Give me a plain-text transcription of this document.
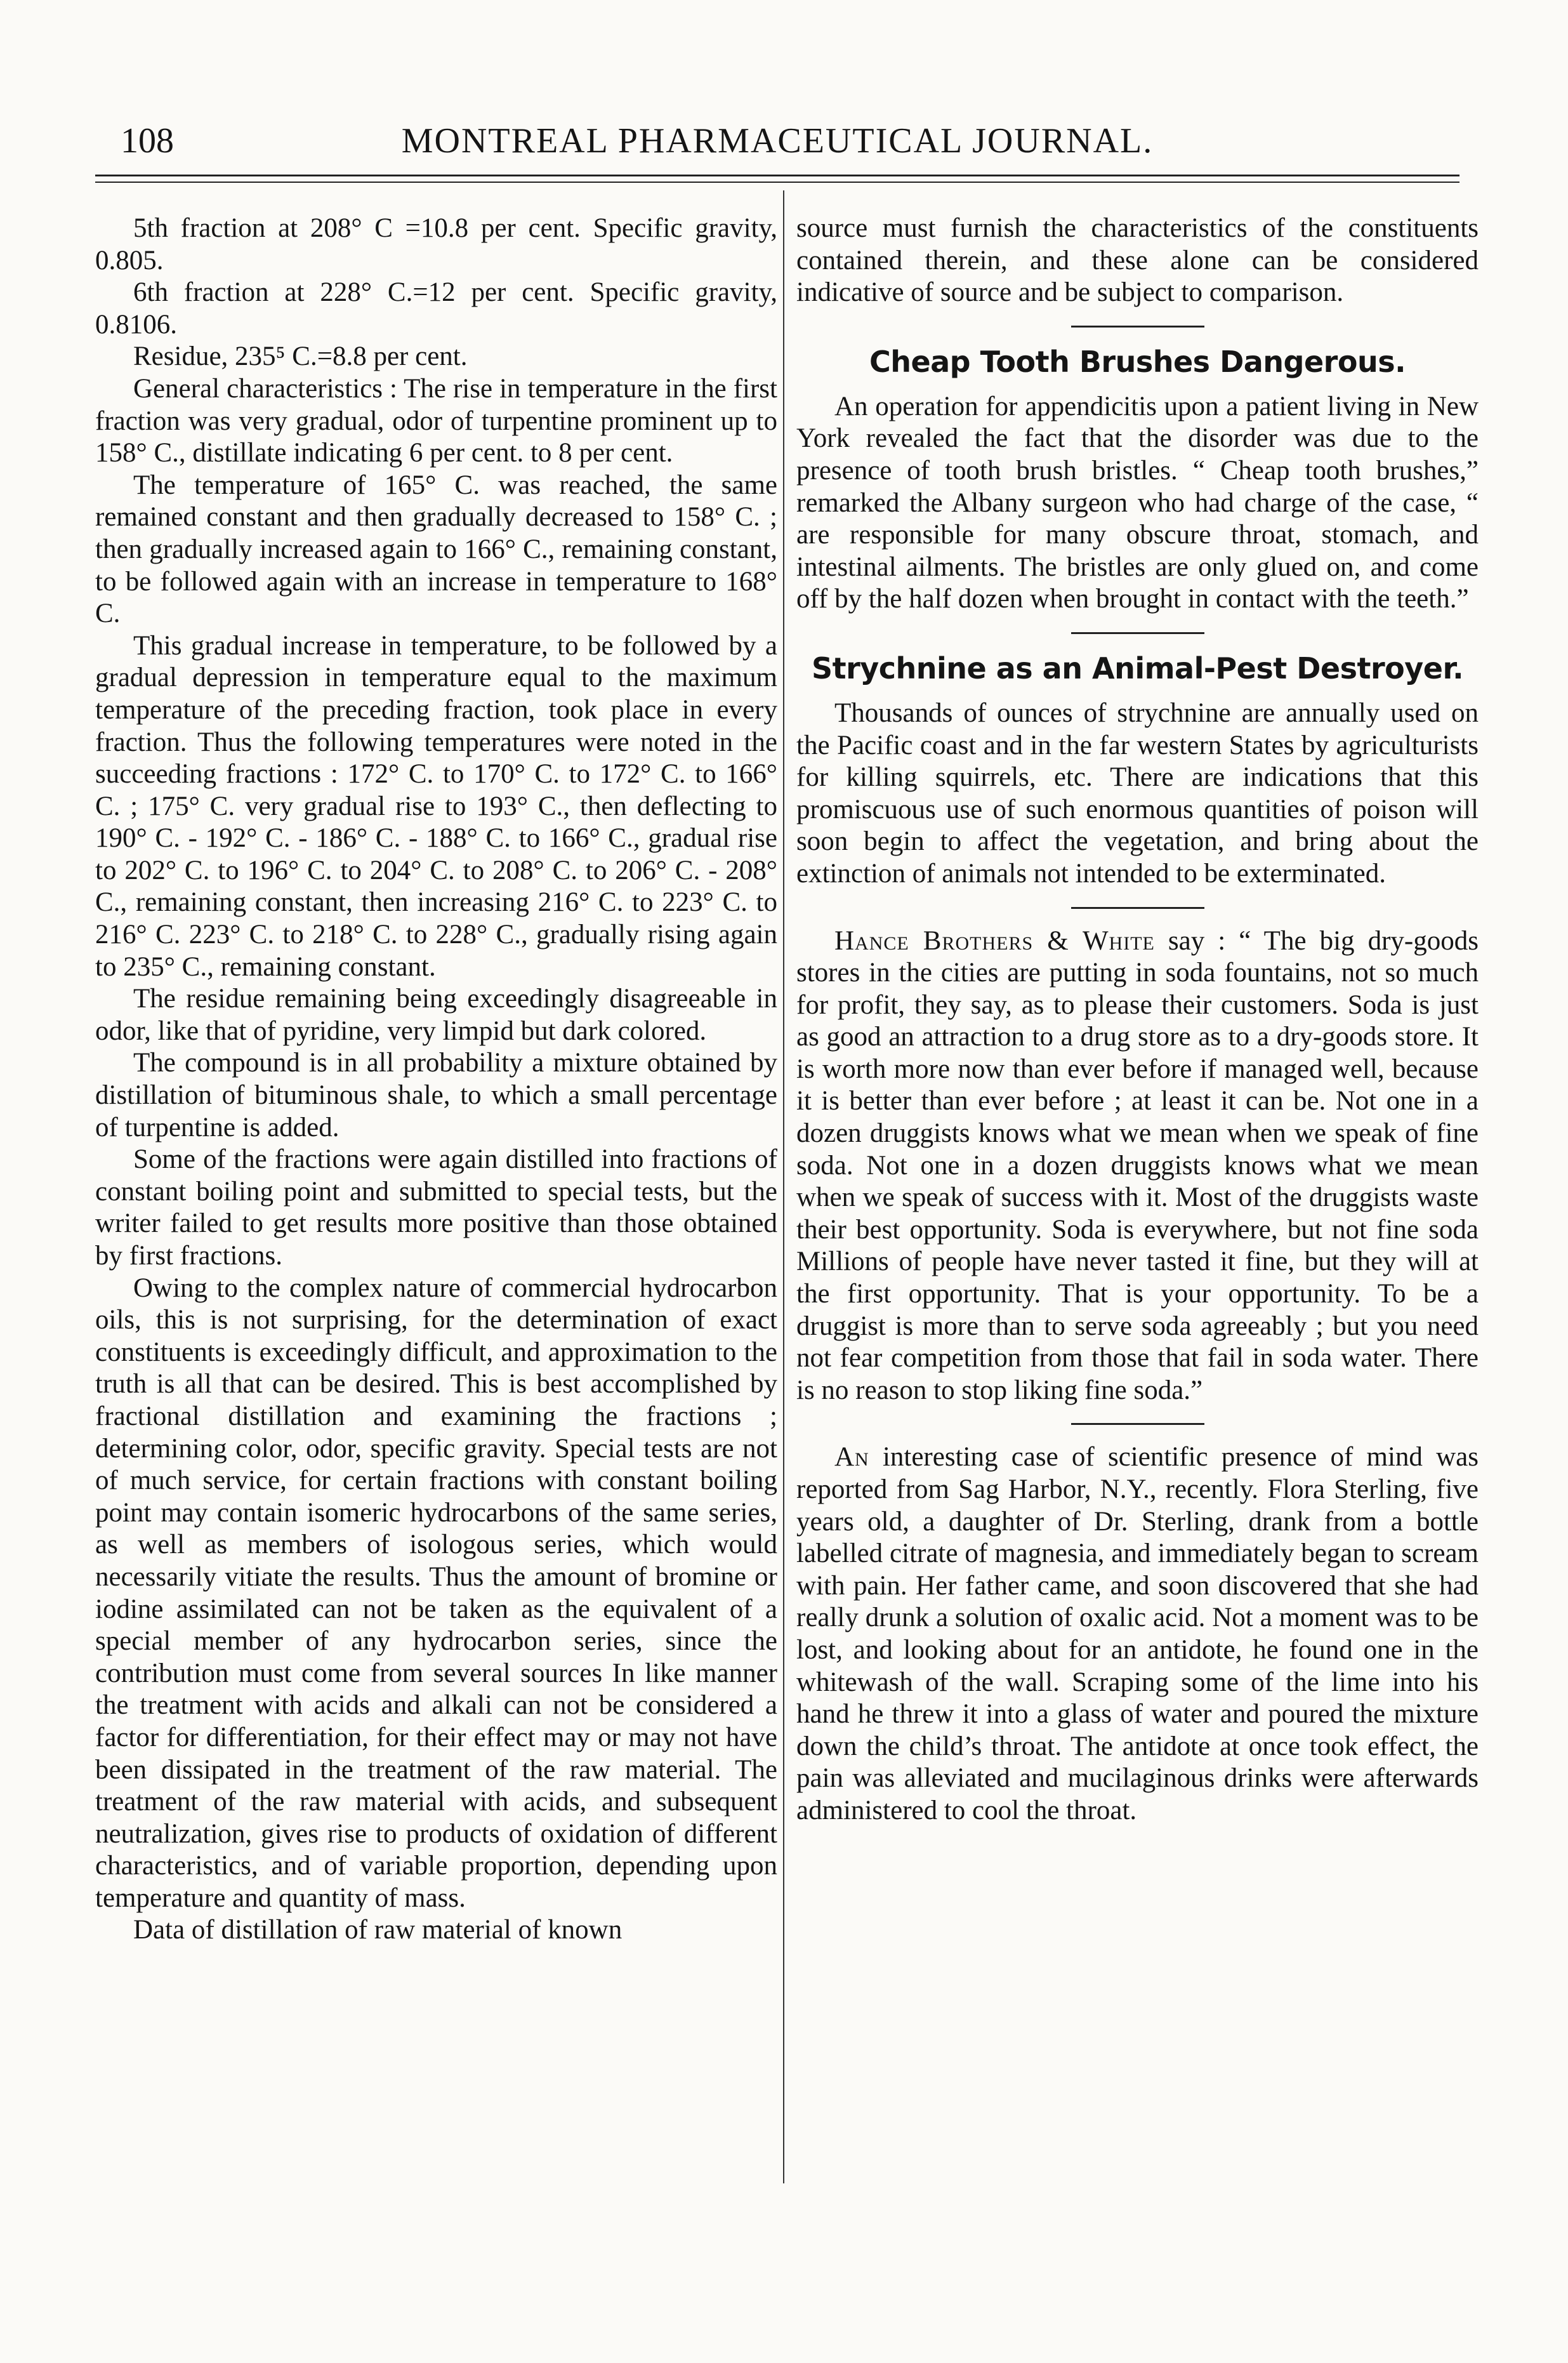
MONTREAL PHARMACEUTICAL JOURNAL.
108

5th fraction at 208° C =10.8 per cent. Specific gravity, 0.805.

6th fraction at 228° C.=12 per cent. Specific gravity, 0.8106.

Residue, 235⁵ C.=8.8 per cent.

General characteristics : The rise in temperature in the first fraction was very gradual, odor of turpentine prominent up to 158° C., distillate indicating 6 per cent. to 8 per cent.

The temperature of 165° C. was reached, the same remained constant and then gradually decreased to 158° C. ; then gradually increased again to 166° C., remaining constant, to be followed again with an increase in temperature to 168° C.

This gradual increase in temperature, to be followed by a gradual depression in temperature equal to the maximum temperature of the preceding fraction, took place in every fraction. Thus the following temperatures were noted in the succeeding fractions : 172° C. to 170° C. to 172° C. to 166° C. ; 175° C. very gradual rise to 193° C., then deflecting to 190° C. - 192° C. - 186° C. - 188° C. to 166° C., gradual rise to 202° C. to 196° C. to 204° C. to 208° C. to 206° C. - 208° C., remaining constant, then increasing 216° C. to 223° C. to 216° C. 223° C. to 218° C. to 228° C., gradually rising again to 235° C., remaining constant.

The residue remaining being exceedingly disagreeable in odor, like that of pyridine, very limpid but dark colored.

The compound is in all probability a mixture obtained by distillation of bituminous shale, to which a small percentage of turpentine is added.

Some of the fractions were again distilled into fractions of constant boiling point and submitted to special tests, but the writer failed to get results more positive than those obtained by first fractions.

Owing to the complex nature of commercial hydrocarbon oils, this is not surprising, for the determination of exact constituents is exceedingly difficult, and approximation to the truth is all that can be desired. This is best accomplished by fractional distillation and examining the fractions ; determining color, odor, specific gravity. Special tests are not of much service, for certain fractions with constant boiling point may contain isomeric hydrocarbons of the same series, as well as members of isologous series, which would necessarily vitiate the results. Thus the amount of bromine or iodine assimilated can not be taken as the equivalent of a special member of any hydrocarbon series, since the contribution must come from several sources In like manner the treatment with acids and alkali can not be considered a factor for differentiation, for their effect may or may not have been dissipated in the treatment of the raw material. The treatment of the raw material with acids, and subsequent neutralization, gives rise to products of oxidation of different characteristics, and of variable proportion, depending upon temperature and quantity of mass.

Data of distillation of raw material of known

source must furnish the characteristics of the constituents contained therein, and these alone can be considered indicative of source and be subject to comparison.

Cheap Tooth Brushes Dangerous.

An operation for appendicitis upon a patient living in New York revealed the fact that the disorder was due to the presence of tooth brush bristles. “ Cheap tooth brushes,” remarked the Albany surgeon who had charge of the case, “ are responsible for many obscure throat, stomach, and intestinal ailments. The bristles are only glued on, and come off by the half dozen when brought in contact with the teeth.”

Strychnine as an Animal-Pest Destroyer.

Thousands of ounces of strychnine are annually used on the Pacific coast and in the far western States by agriculturists for killing squirrels, etc. There are indications that this promiscuous use of such enormous quantities of poison will soon begin to affect the vegetation, and bring about the extinction of animals not intended to be exterminated.

Hance Brothers & White say : “ The big dry-goods stores in the cities are putting in soda fountains, not so much for profit, they say, as to please their customers. Soda is just as good an attraction to a drug store as to a dry-goods store. It is worth more now than ever before if managed well, because it is better than ever before ; at least it can be. Not one in a dozen druggists knows what we mean when we speak of fine soda. Not one in a dozen druggists knows what we mean when we speak of success with it. Most of the druggists waste their best opportunity. Soda is everywhere, but not fine soda Millions of people have never tasted it fine, but they will at the first opportunity. That is your opportunity. To be a druggist is more than to serve soda agreeably ; but you need not fear competition from those that fail in soda water. There is no reason to stop liking fine soda.”

An interesting case of scientific presence of mind was reported from Sag Harbor, N.Y., recently. Flora Sterling, five years old, a daughter of Dr. Sterling, drank from a bottle labelled citrate of magnesia, and immediately began to scream with pain. Her father came, and soon discovered that she had really drunk a solution of oxalic acid. Not a moment was to be lost, and looking about for an antidote, he found one in the whitewash of the wall. Scraping some of the lime into his hand he threw it into a glass of water and poured the mixture down the child’s throat. The antidote at once took effect, the pain was alleviated and mucilaginous drinks were afterwards administered to cool the throat.
